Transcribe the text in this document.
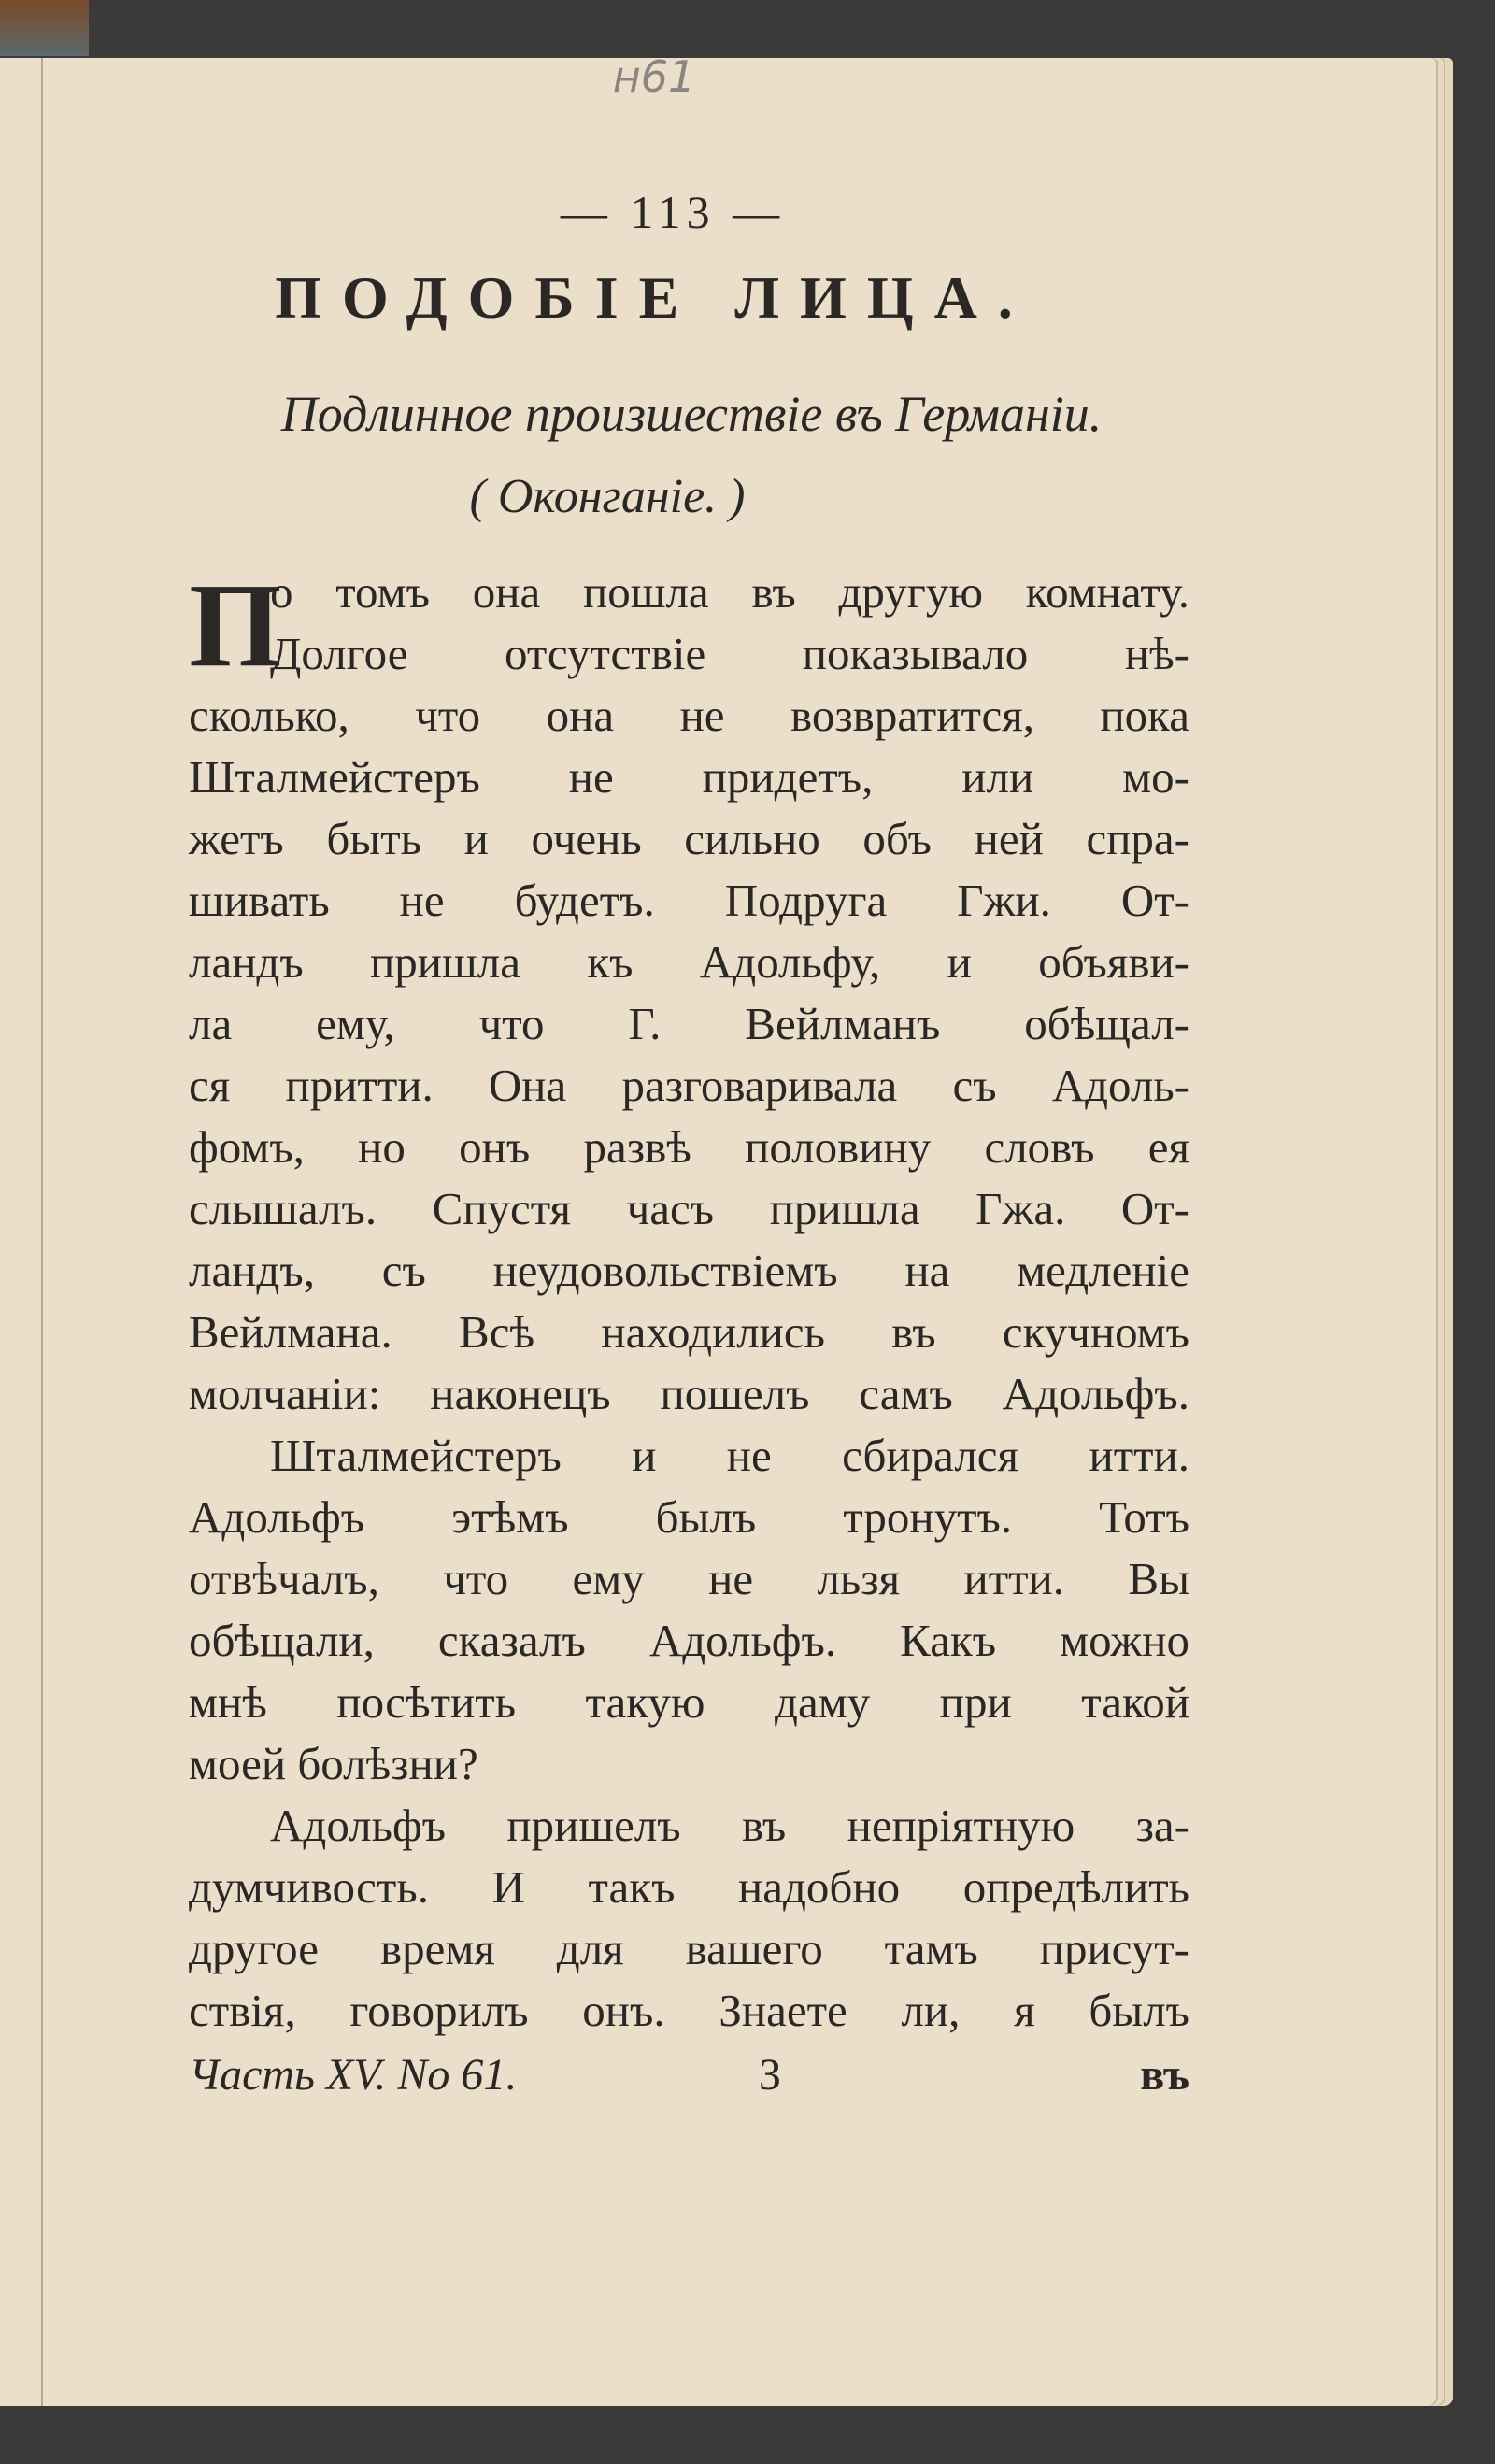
н61
— 113 —
ПОДОБІЕ ЛИЦА.
Подлинное произшествіе въ Германіи.
( Оконганіе. )
П
о томъ она пошла въ другую комнату.
Долгое отсутствіе показывало нѣ-
сколько, что она не возвратится, пока
Шталмейстеръ не придетъ, или мо-
жетъ быть и очень сильно объ ней спра-
шивать не будетъ. Подруга Гжи. От-
ландъ пришла къ Адольфу, и объяви-
ла ему, что Г. Вейлманъ обѣщал-
ся притти. Она разговаривала съ Адоль-
фомъ, но онъ развѣ половину словъ ея
слышалъ. Спустя часъ пришла Гжа. От-
ландъ, съ неудовольствіемъ на медленіе
Вейлмана. Всѣ находились въ скучномъ
молчаніи: наконецъ пошелъ самъ Адольфъ.
Шталмейстеръ и не сбирался итти.
Адольфъ этѣмъ былъ тронутъ. Тотъ
отвѣчалъ, что ему не льзя итти. Вы
обѣщали, сказалъ Адольфъ. Какъ можно
мнѣ посѣтить такую даму при такой
моей болѣзни?
Адольфъ пришелъ въ непріятную за-
думчивость. И такъ надобно опредѣлить
другое время для вашего тамъ присут-
ствія, говорилъ онъ. Знаете ли, я былъ
Часть XV. No 61.	З	въ
